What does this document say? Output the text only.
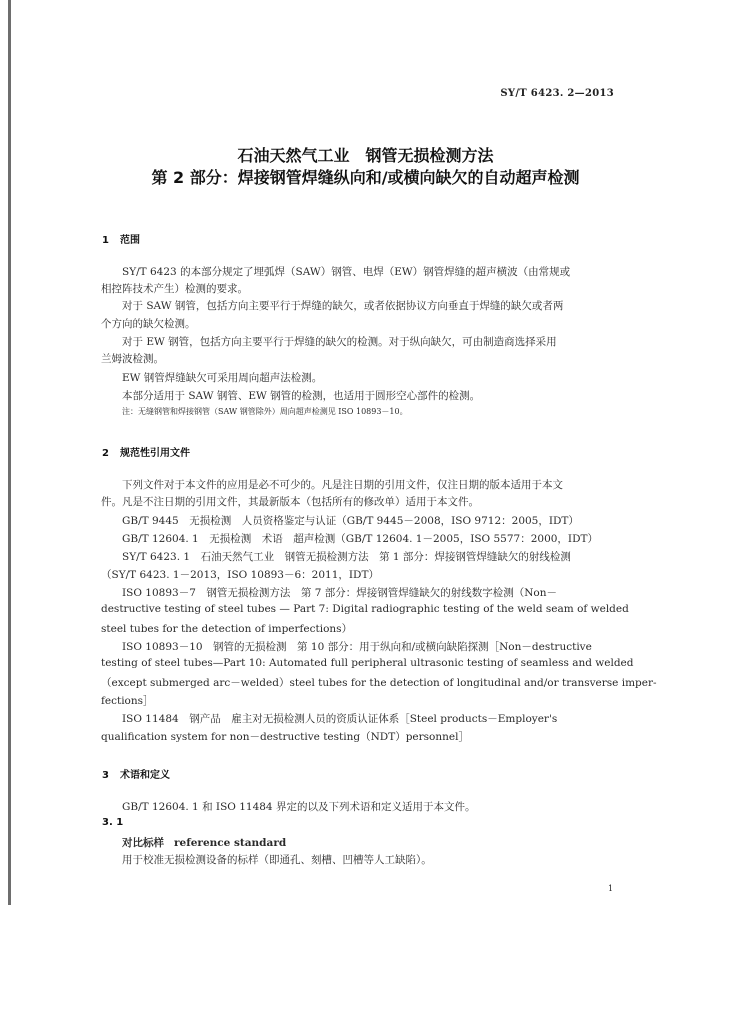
SY/T 6423. 2—2013
石油天然气工业　钢管无损检测方法
第 2 部分：焊接钢管焊缝纵向和/或横向缺欠的自动超声检测
1 范围
SY/T 6423 的本部分规定了埋弧焊（SAW）钢管、电焊（EW）钢管焊缝的超声横波（由常规或
相控阵技术产生）检测的要求。
对于 SAW 钢管，包括方向主要平行于焊缝的缺欠，或者依据协议方向垂直于焊缝的缺欠或者两
个方向的缺欠检测。
对于 EW 钢管，包括方向主要平行于焊缝的缺欠的检测。对于纵向缺欠，可由制造商选择采用
兰姆波检测。
EW 钢管焊缝缺欠可采用周向超声法检测。
本部分适用于 SAW 钢管、EW 钢管的检测，也适用于圆形空心部件的检测。
注：无缝钢管和焊接钢管（SAW 钢管除外）周向超声检测见 ISO 10893－10。
2 规范性引用文件
下列文件对于本文件的应用是必不可少的。凡是注日期的引用文件，仅注日期的版本适用于本文
件。凡是不注日期的引用文件，其最新版本（包括所有的修改单）适用于本文件。
GB/T 9445　无损检测　人员资格鉴定与认证（GB/T 9445－2008，ISO 9712：2005，IDT）
GB/T 12604. 1　无损检测　术语　超声检测（GB/T 12604. 1－2005，ISO 5577：2000，IDT）
SY/T 6423. 1　石油天然气工业　钢管无损检测方法　第 1 部分：焊接钢管焊缝缺欠的射线检测
（SY/T 6423. 1－2013，ISO 10893－6：2011，IDT）
ISO 10893－7　钢管无损检测方法　第 7 部分：焊接钢管焊缝缺欠的射线数字检测（Non－
destructive testing of steel tubes — Part 7: Digital radiographic testing of the weld seam of welded
steel tubes for the detection of imperfections）
ISO 10893－10　钢管的无损检测　第 10 部分：用于纵向和/或横向缺陷探测［Non－destructive
testing of steel tubes—Part 10: Automated full peripheral ultrasonic testing of seamless and welded
（except submerged arc－welded）steel tubes for the detection of longitudinal and/or transverse imper-
fections］
ISO 11484　钢产品　雇主对无损检测人员的资质认证体系［Steel products－Employer's
qualification system for non－destructive testing（NDT）personnel］
3 术语和定义
GB/T 12604. 1 和 ISO 11484 界定的以及下列术语和定义适用于本文件。
3. 1
对比标样 reference standard
用于校准无损检测设备的标样（即通孔、刻槽、凹槽等人工缺陷）。
1
